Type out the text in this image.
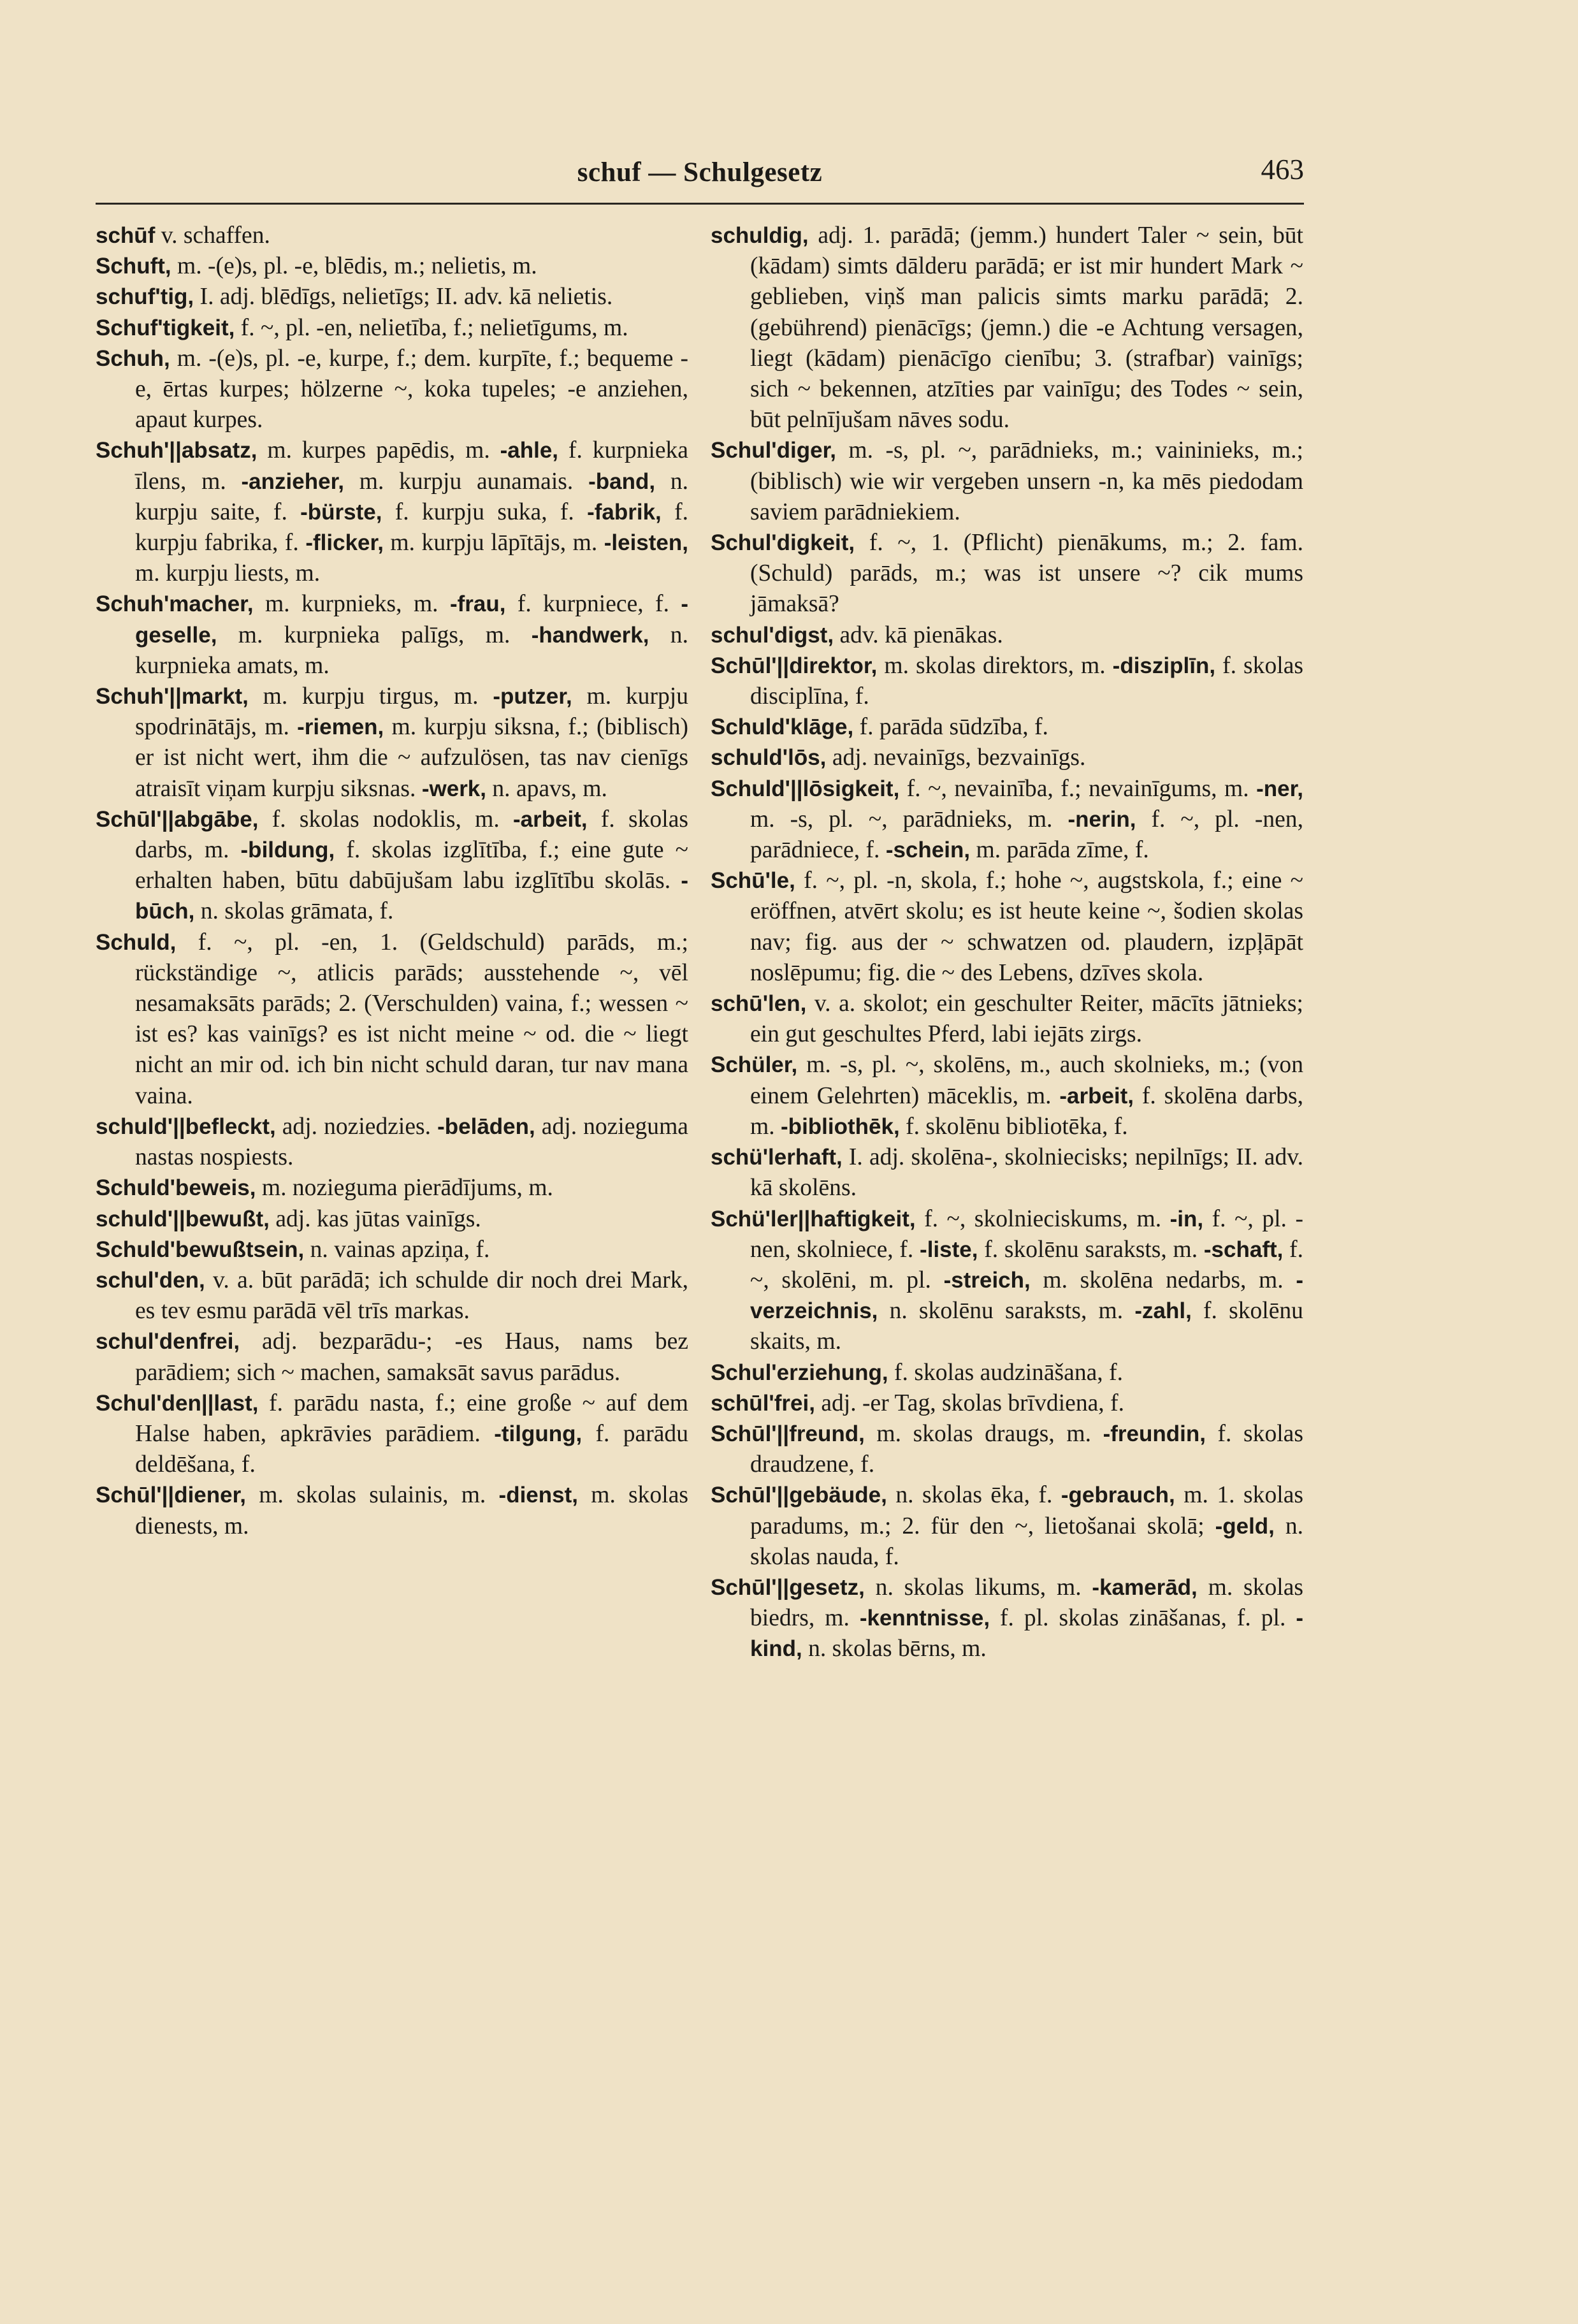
schuf — Schulgesetz	463

schūf v. schaffen.

Schuft, m. -(e)s, pl. -e, blēdis, m.; nelietis, m.

schuf'tig, I. adj. blēdīgs, nelietīgs; II. adv. kā nelietis.

Schuf'tigkeit, f. ~, pl. -en, nelietība, f.; nelietīgums, m.

Schuh, m. -(e)s, pl. -e, kurpe, f.; dem. kurpīte, f.; bequeme -e, ērtas kurpes; hölzerne ~, koka tupeles; -e anziehen, apaut kurpes.

Schuh'||absatz, m. kurpes papēdis, m. -ahle, f. kurpnieka īlens, m. -anzieher, m. kurpju aunamais. -band, n. kurpju saite, f. -bürste, f. kurpju suka, f. -fabrik, f. kurpju fabrika, f. -flicker, m. kurpju lāpītājs, m. -leisten, m. kurpju liests, m.

Schuh'macher, m. kurpnieks, m. -frau, f. kurpniece, f. -geselle, m. kurpnieka palīgs, m. -handwerk, n. kurpnieka amats, m.

Schuh'||markt, m. kurpju tirgus, m. -putzer, m. kurpju spodrinātājs, m. -riemen, m. kurpju siksna, f.; (biblisch) er ist nicht wert, ihm die ~ aufzulösen, tas nav cienīgs atraisīt viņam kurpju siksnas. -werk, n. apavs, m.

Schūl'||abgābe, f. skolas nodoklis, m. -arbeit, f. skolas darbs, m. -bildung, f. skolas izglītība, f.; eine gute ~ erhalten haben, būtu dabūjušam labu izglītību skolās. -būch, n. skolas grāmata, f.

Schuld, f. ~, pl. -en, 1. (Geldschuld) parāds, m.; rückständige ~, atlicis parāds; ausstehende ~, vēl nesamaksāts parāds; 2. (Verschulden) vaina, f.; wessen ~ ist es? kas vainīgs? es ist nicht meine ~ od. die ~ liegt nicht an mir od. ich bin nicht schuld daran, tur nav mana vaina.

schuld'||befleckt, adj. noziedzies. -belāden, adj. nozieguma nastas nospiests.

Schuld'beweis, m. nozieguma pierādījums, m.

schuld'||bewußt, adj. kas jūtas vainīgs.

Schuld'bewußtsein, n. vainas apziņa, f.

schul'den, v. a. būt parādā; ich schulde dir noch drei Mark, es tev esmu parādā vēl trīs markas.

schul'denfrei, adj. bezparādu-; -es Haus, nams bez parādiem; sich ~ machen, samaksāt savus parādus.

Schul'den||last, f. parādu nasta, f.; eine große ~ auf dem Halse haben, apkrāvies parādiem. -tilgung, f. parādu deldēšana, f.

Schūl'||diener, m. skolas sulainis, m. -dienst, m. skolas dienests, m.

schuldig, adj. 1. parādā; (jemm.) hundert Taler ~ sein, būt (kādam) simts dālderu parādā; er ist mir hundert Mark ~ geblieben, viņš man palicis simts marku parādā; 2. (gebührend) pienācīgs; (jemn.) die -e Achtung versagen, liegt (kādam) pienācīgo cienību; 3. (strafbar) vainīgs; sich ~ bekennen, atzīties par vainīgu; des Todes ~ sein, būt pelnījušam nāves sodu.

Schul'diger, m. -s, pl. ~, parādnieks, m.; vaininieks, m.; (biblisch) wie wir vergeben unsern -n, ka mēs piedodam saviem parādniekiem.

Schul'digkeit, f. ~, 1. (Pflicht) pienākums, m.; 2. fam. (Schuld) parāds, m.; was ist unsere ~? cik mums jāmaksā?

schul'digst, adv. kā pienākas.

Schūl'||direktor, m. skolas direktors, m. -disziplīn, f. skolas disciplīna, f.

Schuld'klāge, f. parāda sūdzība, f.

schuld'lōs, adj. nevainīgs, bezvainīgs.

Schuld'||lōsigkeit, f. ~, nevainība, f.; nevainīgums, m. -ner, m. -s, pl. ~, parādnieks, m. -nerin, f. ~, pl. -nen, parādniece, f. -schein, m. parāda zīme, f.

Schū'le, f. ~, pl. -n, skola, f.; hohe ~, augstskola, f.; eine ~ eröffnen, atvērt skolu; es ist heute keine ~, šodien skolas nav; fig. aus der ~ schwatzen od. plaudern, izpļāpāt noslēpumu; fig. die ~ des Lebens, dzīves skola.

schū'len, v. a. skolot; ein geschulter Reiter, mācīts jātnieks; ein gut geschultes Pferd, labi iejāts zirgs.

Schüler, m. -s, pl. ~, skolēns, m., auch skolnieks, m.; (von einem Gelehrten) māceklis, m. -arbeit, f. skolēna darbs, m. -bibliothēk, f. skolēnu bibliotēka, f.

schü'lerhaft, I. adj. skolēna-, skolniecisks; nepilnīgs; II. adv. kā skolēns.

Schü'ler||haftigkeit, f. ~, skolnieciskums, m. -in, f. ~, pl. -nen, skolniece, f. -liste, f. skolēnu saraksts, m. -schaft, f. ~, skolēni, m. pl. -streich, m. skolēna nedarbs, m. -verzeichnis, n. skolēnu saraksts, m. -zahl, f. skolēnu skaits, m.

Schul'erziehung, f. skolas audzināšana, f.

schūl'frei, adj. -er Tag, skolas brīvdiena, f.

Schūl'||freund, m. skolas draugs, m. -freundin, f. skolas draudzene, f.

Schūl'||gebäude, n. skolas ēka, f. -gebrauch, m. 1. skolas paradums, m.; 2. für den ~, lietošanai skolā; -geld, n. skolas nauda, f.

Schūl'||gesetz, n. skolas likums, m. -kamerād, m. skolas biedrs, m. -kenntnisse, f. pl. skolas zināšanas, f. pl. -kind, n. skolas bērns, m.
